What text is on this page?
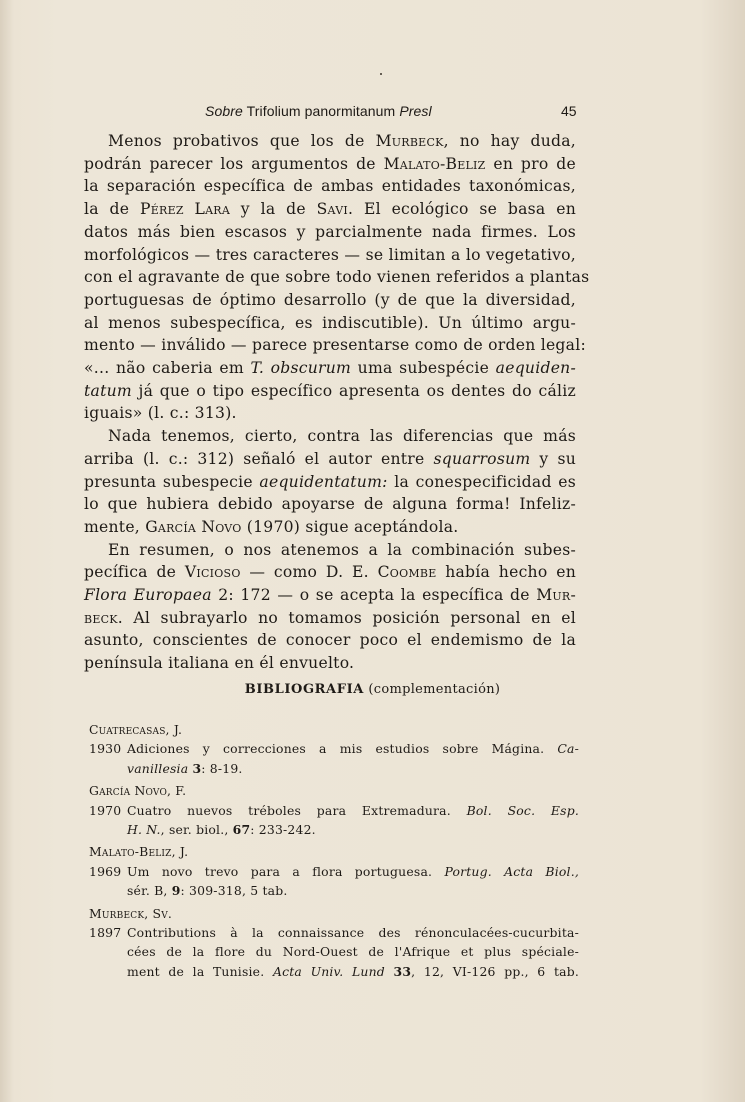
Sobre Trifolium panormitanum Presl	45

Menos probativos que los de Murbeck, no hay duda,
podrán parecer los argumentos de Malato-Beliz en pro de
la separación específica de ambas entidades taxonómicas,
la de Pérez Lara y la de Savi. El ecológico se basa en
datos más bien escasos y parcialmente nada firmes. Los
morfológicos — tres caracteres — se limitan a lo vegetativo,
con el agravante de que sobre todo vienen referidos a plantas
portuguesas de óptimo desarrollo (y de que la diversidad,
al menos subespecífica, es indiscutible). Un último argu-
mento — inválido — parece presentarse como de orden legal:
«... não caberia em T. obscurum uma subespécie aequiden-
tatum já que o tipo específico apresenta os dentes do cáliz
iguais» (l. c.: 313).

Nada tenemos, cierto, contra las diferencias que más
arriba (l. c.: 312) señaló el autor entre squarrosum y su
presunta subespecie aequidentatum: la conespecificidad es
lo que hubiera debido apoyarse de alguna forma! Infeliz-
mente, García Novo (1970) sigue aceptándola.

En resumen, o nos atenemos a la combinación subes-
pecífica de Vicioso — como D. E. Coombe había hecho en
Flora Europaea 2: 172 — o se acepta la específica de Mur-
beck. Al subrayarlo no tomamos posición personal en el
asunto, conscientes de conocer poco el endemismo de la
península italiana en él envuelto.

BIBLIOGRAFIA (complementación)
Cuatrecasas, J.
1930 Adiciones y correcciones a mis estudios sobre Mágina. Ca-
vanillesia 3: 8-19.
García Novo, F.
1970 Cuatro nuevos tréboles para Extremadura. Bol. Soc. Esp.
H. N., ser. biol., 67: 233-242.
Malato-Beliz, J.
1969 Um novo trevo para a flora portuguesa. Portug. Acta Biol.,
sér. B, 9: 309-318, 5 tab.
Murbeck, Sv.
1897 Contributions à la connaissance des rénonculacées-cucurbita-
cées de la flore du Nord-Ouest de l'Afrique et plus spéciale-
ment de la Tunisie. Acta Univ. Lund 33, 12, VI-126 pp., 6 tab.
